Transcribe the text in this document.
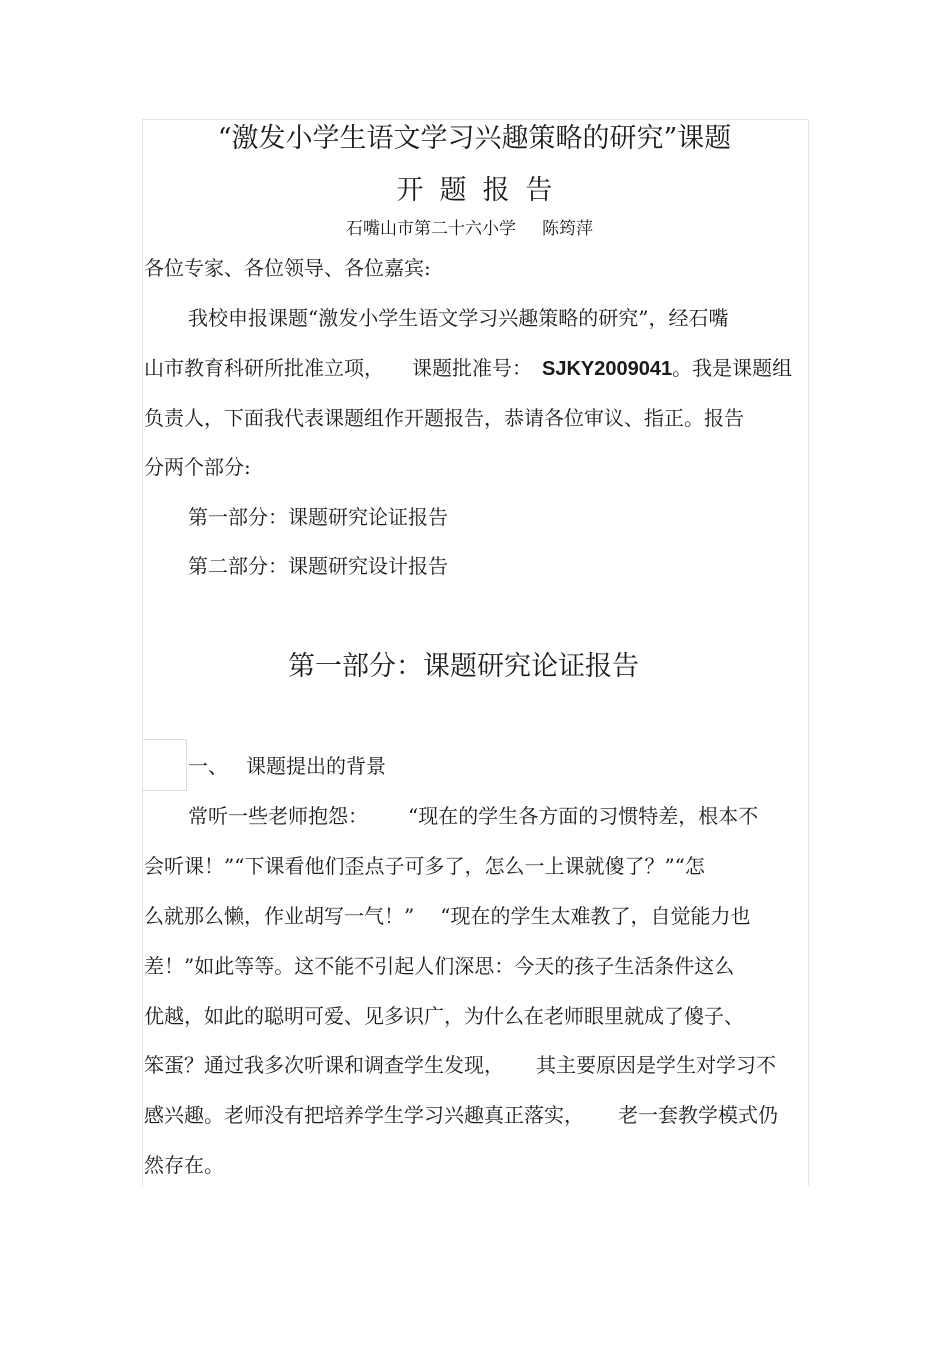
“激发小学生语文学习兴趣策略的研究”课题
开题报告
石嘴山市第二十六小学 陈筠萍
各位专家、各位领导、各位嘉宾:
我校申报课题“激发小学生语文学习兴趣策略的研究”，经石嘴
山市教育科研所批准立项， 课题批准号： SJKY2009041。我是课题组
负责人，下面我代表课题组作开题报告，恭请各位审议、指正。报告
分两个部分:
第一部分：课题研究论证报告
第二部分：课题研究设计报告
第一部分：课题研究论证报告
一、 课题提出的背景
常听一些老师抱怨： “现在的学生各方面的习惯特差，根本不
会听课！”“下课看他们歪点子可多了，怎么一上课就傻了？”“怎
么就那么懒，作业胡写一气！” “现在的学生太难教了，自觉能力也
差！”如此等等。这不能不引起人们深思：今天的孩子生活条件这么
优越，如此的聪明可爱、见多识广，为什么在老师眼里就成了傻子、
笨蛋？通过我多次听课和调查学生发现， 其主要原因是学生对学习不
感兴趣。老师没有把培养学生学习兴趣真正落实， 老一套教学模式仍
然存在。
